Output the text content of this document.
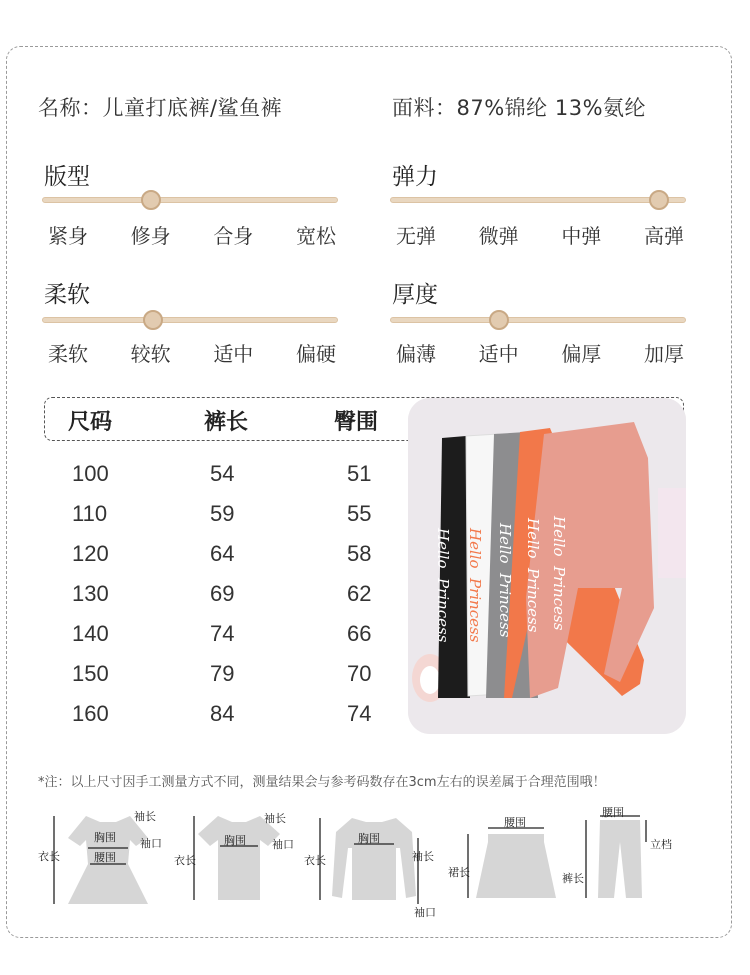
名称：儿童打底裤/鲨鱼裤	面料：87%锦纶 13%氨纶
版型
紧身 修身 合身 宽松
弹力
无弹 微弹 中弹 高弹
柔软
柔软 较软 适中 偏硬
厚度
偏薄 适中 偏厚 加厚
尺码	裤长	臀围
100	54	51
110	59	55
120	64	58
130	69	62
140	74	66
150	79	70
160	84	74
Hello
Princess
Hello
Princess
Hello
Princess
Hello
Princess
Hello
Princess
*注：以上尺寸因手工测量方式不同，测量结果会与参考码数存在3cm左右的误差属于合理范围哦！
袖长
胸围 袖口
衣长	腰围
袖长
胸围 袖口
衣长
胸围
衣长	袖长
袖口
腰围
裙长
腰围
立档
裤长
